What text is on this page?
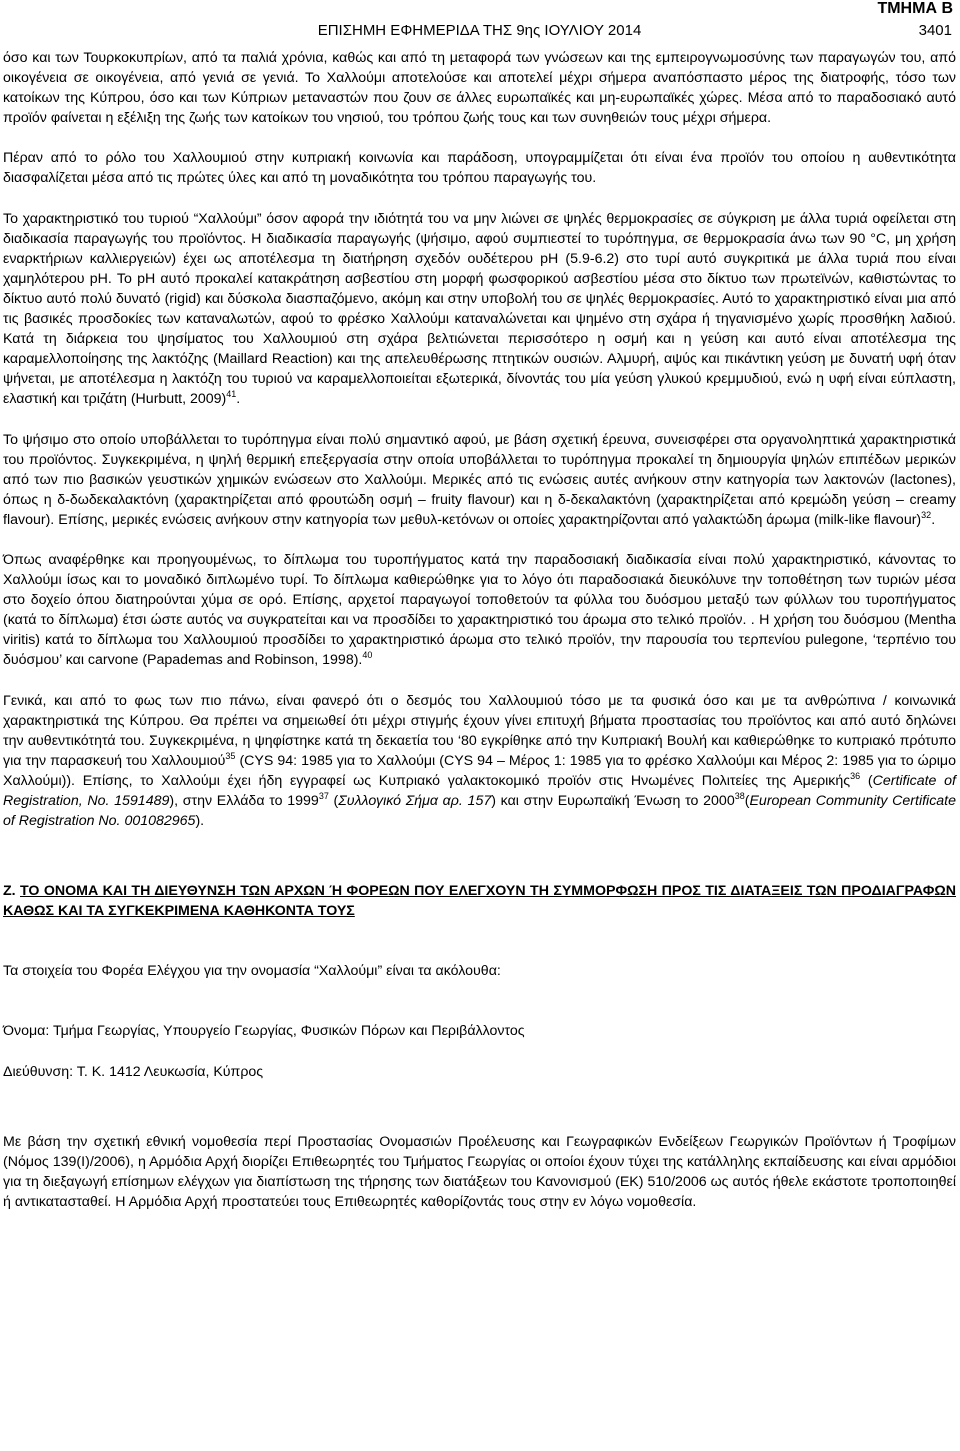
ΤΜΗΜΑ Β
ΕΠΙΣΗΜΗ ΕΦΗΜΕΡΙΔΑ ΤΗΣ 9ης ΙΟΥΛΙΟΥ 2014	3401

όσο και των Τουρκοκυπρίων, από τα παλιά χρόνια, καθώς και από τη μεταφορά των γνώσεων και της εμπειρογνωμοσύνης των παραγωγών του, από οικογένεια σε οικογένεια, από γενιά σε γενιά. Το Χαλλούμι αποτελούσε και αποτελεί μέχρι σήμερα αναπόσπαστο μέρος της διατροφής, τόσο των κατοίκων της Κύπρου, όσο και των Κύπριων μεταναστών που ζουν σε άλλες ευρωπαϊκές και μη-ευρωπαϊκές χώρες. Μέσα από το παραδοσιακό αυτό προϊόν φαίνεται η εξέλιξη της ζωής των κατοίκων του νησιού, του τρόπου ζωής τους και των συνηθειών τους μέχρι σήμερα.

Πέραν από το ρόλο του Χαλλουμιού στην κυπριακή κοινωνία και παράδοση, υπογραμμίζεται ότι είναι ένα προϊόν του οποίου η αυθεντικότητα διασφαλίζεται μέσα από τις πρώτες ύλες και από τη μοναδικότητα του τρόπου παραγωγής του.

Το χαρακτηριστικό του τυριού “Χαλλούμι” όσον αφορά την ιδιότητά του να μην λιώνει σε ψηλές θερμοκρασίες σε σύγκριση με άλλα τυριά οφείλεται στη διαδικασία παραγωγής του προϊόντος. Η διαδικασία παραγωγής (ψήσιμο, αφού συμπιεστεί το τυρόπηγμα, σε θερμοκρασία άνω των 90 °C, μη χρήση εναρκτήριων καλλιεργειών) έχει ως αποτέλεσμα τη διατήρηση σχεδόν ουδέτερου pH (5.9-6.2) στο τυρί αυτό συγκριτικά με άλλα τυριά που είναι χαμηλότερου pH. Το pH αυτό προκαλεί κατακράτηση ασβεστίου στη μορφή φωσφορικού ασβεστίου μέσα στο δίκτυο των πρωτεϊνών, καθιστώντας το δίκτυο αυτό πολύ δυνατό (rigid) και δύσκολα διασπαζόμενο, ακόμη και στην υποβολή του σε ψηλές θερμοκρασίες. Αυτό το χαρακτηριστικό είναι μια από τις βασικές προσδοκίες των καταναλωτών, αφού το φρέσκο Χαλλούμι καταναλώνεται και ψημένο στη σχάρα ή τηγανισμένο χωρίς προσθήκη λαδιού. Κατά τη διάρκεια του ψησίματος του Χαλλουμιού στη σχάρα βελτιώνεται περισσότερο η οσμή και η γεύση και αυτό είναι αποτέλεσμα της καραμελλοποίησης της λακτόζης (Maillard Reaction) και της απελευθέρωσης πτητικών ουσιών. Αλμυρή, αψύς και πικάντικη γεύση με δυνατή υφή όταν ψήνεται, με αποτέλεσμα η λακτόζη του τυριού να καραμελλοποιείται εξωτερικά, δίνοντάς του μία γεύση γλυκού κρεμμυδιού, ενώ η υφή είναι εύπλαστη, ελαστική και τριζάτη (Hurbutt, 2009)$^{41}$.

Το ψήσιμο στο οποίο υποβάλλεται το τυρόπηγμα είναι πολύ σημαντικό αφού, με βάση σχετική έρευνα, συνεισφέρει στα οργανοληπτικά χαρακτηριστικά του προϊόντος. Συγκεκριμένα, η ψηλή θερμική επεξεργασία στην οποία υποβάλλεται το τυρόπηγμα προκαλεί τη δημιουργία ψηλών επιπέδων μερικών από των πιο βασικών γευστικών χημικών ενώσεων στο Χαλλούμι. Μερικές από τις ενώσεις αυτές ανήκουν στην κατηγορία των λακτονών (lactones), όπως η δ-δωδεκαλακτόνη (χαρακτηρίζεται από φρουτώδη οσμή – fruity flavour) και η δ-δεκαλακτόνη (χαρακτηρίζεται από κρεμώδη γεύση – creamy flavour). Επίσης, μερικές ενώσεις ανήκουν στην κατηγορία των μεθυλ-κετόνων οι οποίες χαρακτηρίζονται από γαλακτώδη άρωμα (milk-like flavour)$^{32}$.

Όπως αναφέρθηκε και προηγουμένως, το δίπλωμα του τυροπήγματος κατά την παραδοσιακή διαδικασία είναι πολύ χαρακτηριστικό, κάνοντας το Χαλλούμι ίσως και το μοναδικό διπλωμένο τυρί. Το δίπλωμα καθιερώθηκε για το λόγο ότι παραδοσιακά διευκόλυνε την τοποθέτηση των τυριών μέσα στο δοχείο όπου διατηρούνται χύμα σε ορό. Επίσης, αρχετοί παραγωγοί τοποθετούν τα φύλλα του δυόσμου μεταξύ των φύλλων του τυροπήγματος (κατά το δίπλωμα) έτσι ώστε αυτός να συγκρατείται και να προσδίδει το χαρακτηριστικό του άρωμα στο τελικό προϊόν. . Η χρήση του δυόσμου (Mentha viritis) κατά το δίπλωμα του Χαλλουμιού προσδίδει το χαρακτηριστικό άρωμα στο τελικό προϊόν, την παρουσία του τερπενίου pulegone, ‘τερπένιο του δυόσμου’ και carvone (Papademas and Robinson, 1998).$^{40}$

Γενικά, και από το φως των πιο πάνω, είναι φανερό ότι ο δεσμός του Χαλλουμιού τόσο με τα φυσικά όσο και με τα ανθρώπινα / κοινωνικά χαρακτηριστικά της Κύπρου. Θα πρέπει να σημειωθεί ότι μέχρι στιγμής έχουν γίνει επιτυχή βήματα προστασίας του προϊόντος και από αυτό δηλώνει την αυθεντικότητά του. Συγκεκριμένα, η ψηφίστηκε κατά τη δεκαετία του ‘80 εγκρίθηκε από την Κυπριακή Βουλή και καθιερώθηκε το κυπριακό πρότυπο για την παρασκευή του Χαλλουμιού$^{35}$ (CYS 94: 1985 για το Χαλλούμι (CYS 94 – Μέρος 1: 1985 για το φρέσκο Χαλλούμι και Μέρος 2: 1985 για το ώριμο Χαλλούμι)). Επίσης, το Χαλλούμι έχει ήδη εγγραφεί ως Κυπριακό γαλακτοκομικό προϊόν στις Ηνωμένες Πολιτείες της Αμερικής$^{36}$ (Certificate of Registration, No. 1591489), στην Ελλάδα το 1999$^{37}$ (Συλλογικό Σήμα αρ. 157) και στην Ευρωπαϊκή Ένωση το 2000$^{38}$(European Community Certificate of Registration No. 001082965).

Ζ. ΤΟ ΟΝΟΜΑ ΚΑΙ ΤΗ ΔΙΕΥΘΥΝΣΗ ΤΩΝ ΑΡΧΩΝ Ή ΦΟΡΕΩΝ ΠΟΥ ΕΛΕΓΧΟΥΝ ΤΗ ΣΥΜΜΟΡΦΩΣΗ ΠΡΟΣ ΤΙΣ ΔΙΑΤΑΞΕΙΣ ΤΩΝ ΠΡΟΔΙΑΓΡΑΦΩΝ ΚΑΘΩΣ ΚΑΙ ΤΑ ΣΥΓΚΕΚΡΙΜΕΝΑ ΚΑΘΗΚΟΝΤΑ ΤΟΥΣ

Τα στοιχεία του Φορέα Ελέγχου για την ονομασία “Χαλλούμι” είναι τα ακόλουθα:

Όνομα: Τμήμα Γεωργίας, Υπουργείο Γεωργίας, Φυσικών Πόρων και Περιβάλλοντος

Διεύθυνση: Τ. Κ. 1412 Λευκωσία, Κύπρος

Με βάση την σχετική εθνική νομοθεσία περί Προστασίας Ονομασιών Προέλευσης και Γεωγραφικών Ενδείξεων Γεωργικών Προϊόντων ή Τροφίμων (Νόμος 139(Ι)/2006), η Αρμόδια Αρχή διορίζει Επιθεωρητές του Τμήματος Γεωργίας οι οποίοι έχουν τύχει της κατάλληλης εκπαίδευσης και είναι αρμόδιοι για τη διεξαγωγή επίσημων ελέγχων για διαπίστωση της τήρησης των διατάξεων του Κανονισμού (ΕΚ) 510/2006 ως αυτός ήθελε εκάστοτε τροποποιηθεί ή αντικατασταθεί. Η Αρμόδια Αρχή προστατεύει τους Επιθεωρητές καθορίζοντάς τους στην εν λόγω νομοθεσία.
